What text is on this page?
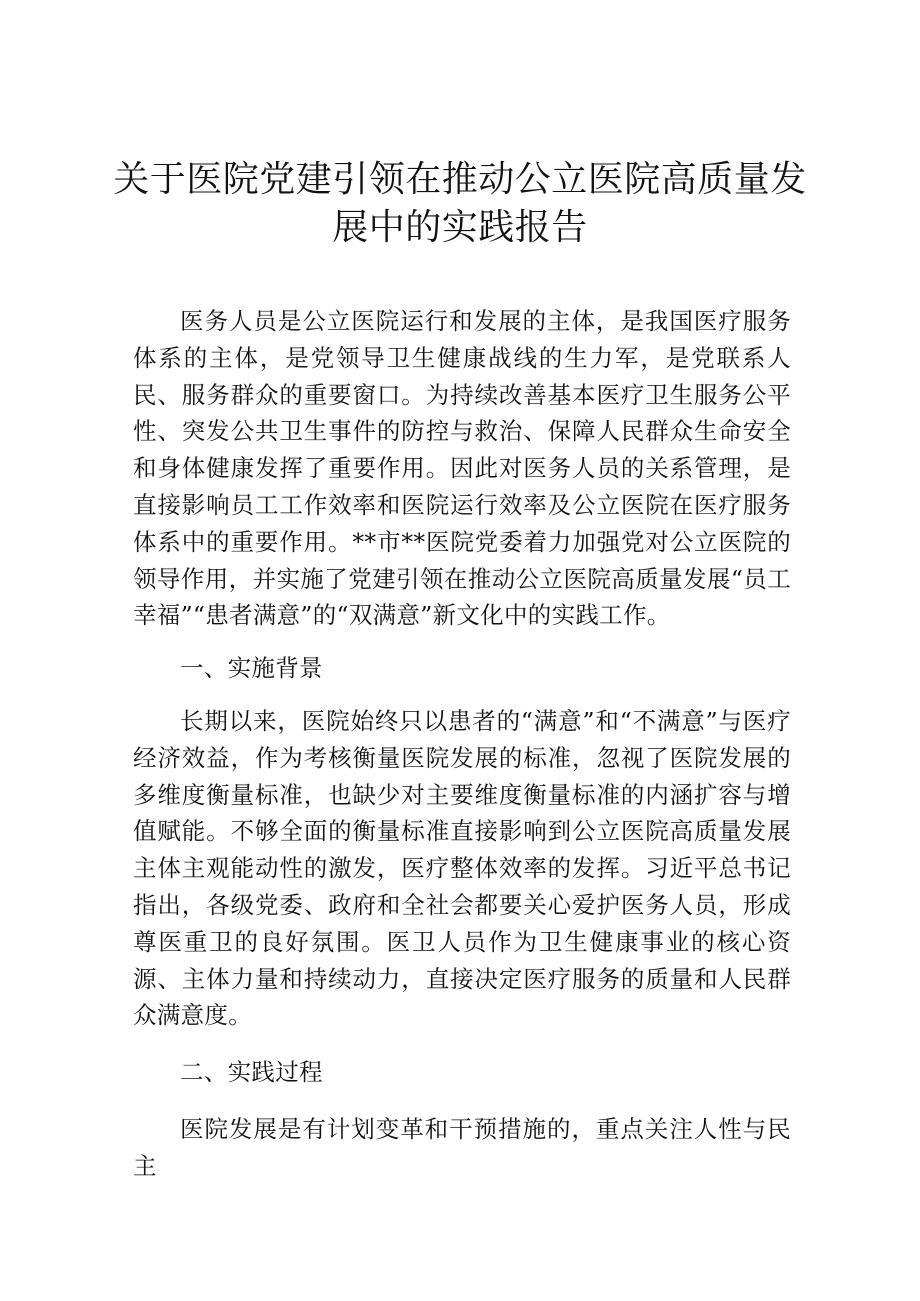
关于医院党建引领在推动公立医院高质量发
展中的实践报告

医务人员是公立医院运行和发展的主体，是我国医疗服务体系的主体，是党领导卫生健康战线的生力军，是党联系人民、服务群众的重要窗口。为持续改善基本医疗卫生服务公平性、突发公共卫生事件的防控与救治、保障人民群众生命安全和身体健康发挥了重要作用。因此对医务人员的关系管理，是直接影响员工工作效率和医院运行效率及公立医院在医疗服务体系中的重要作用。**市**医院党委着力加强党对公立医院的领导作用，并实施了党建引领在推动公立医院高质量发展“员工幸福”“患者满意”的“双满意”新文化中的实践工作。

一、实施背景

长期以来，医院始终只以患者的“满意”和“不满意”与医疗经济效益，作为考核衡量医院发展的标准，忽视了医院发展的多维度衡量标准，也缺少对主要维度衡量标准的内涵扩容与增值赋能。不够全面的衡量标准直接影响到公立医院高质量发展主体主观能动性的激发，医疗整体效率的发挥。习近平总书记指出，各级党委、政府和全社会都要关心爱护医务人员，形成尊医重卫的良好氛围。医卫人员作为卫生健康事业的核心资源、主体力量和持续动力，直接决定医疗服务的质量和人民群众满意度。

二、实践过程

医院发展是有计划变革和干预措施的，重点关注人性与民主
